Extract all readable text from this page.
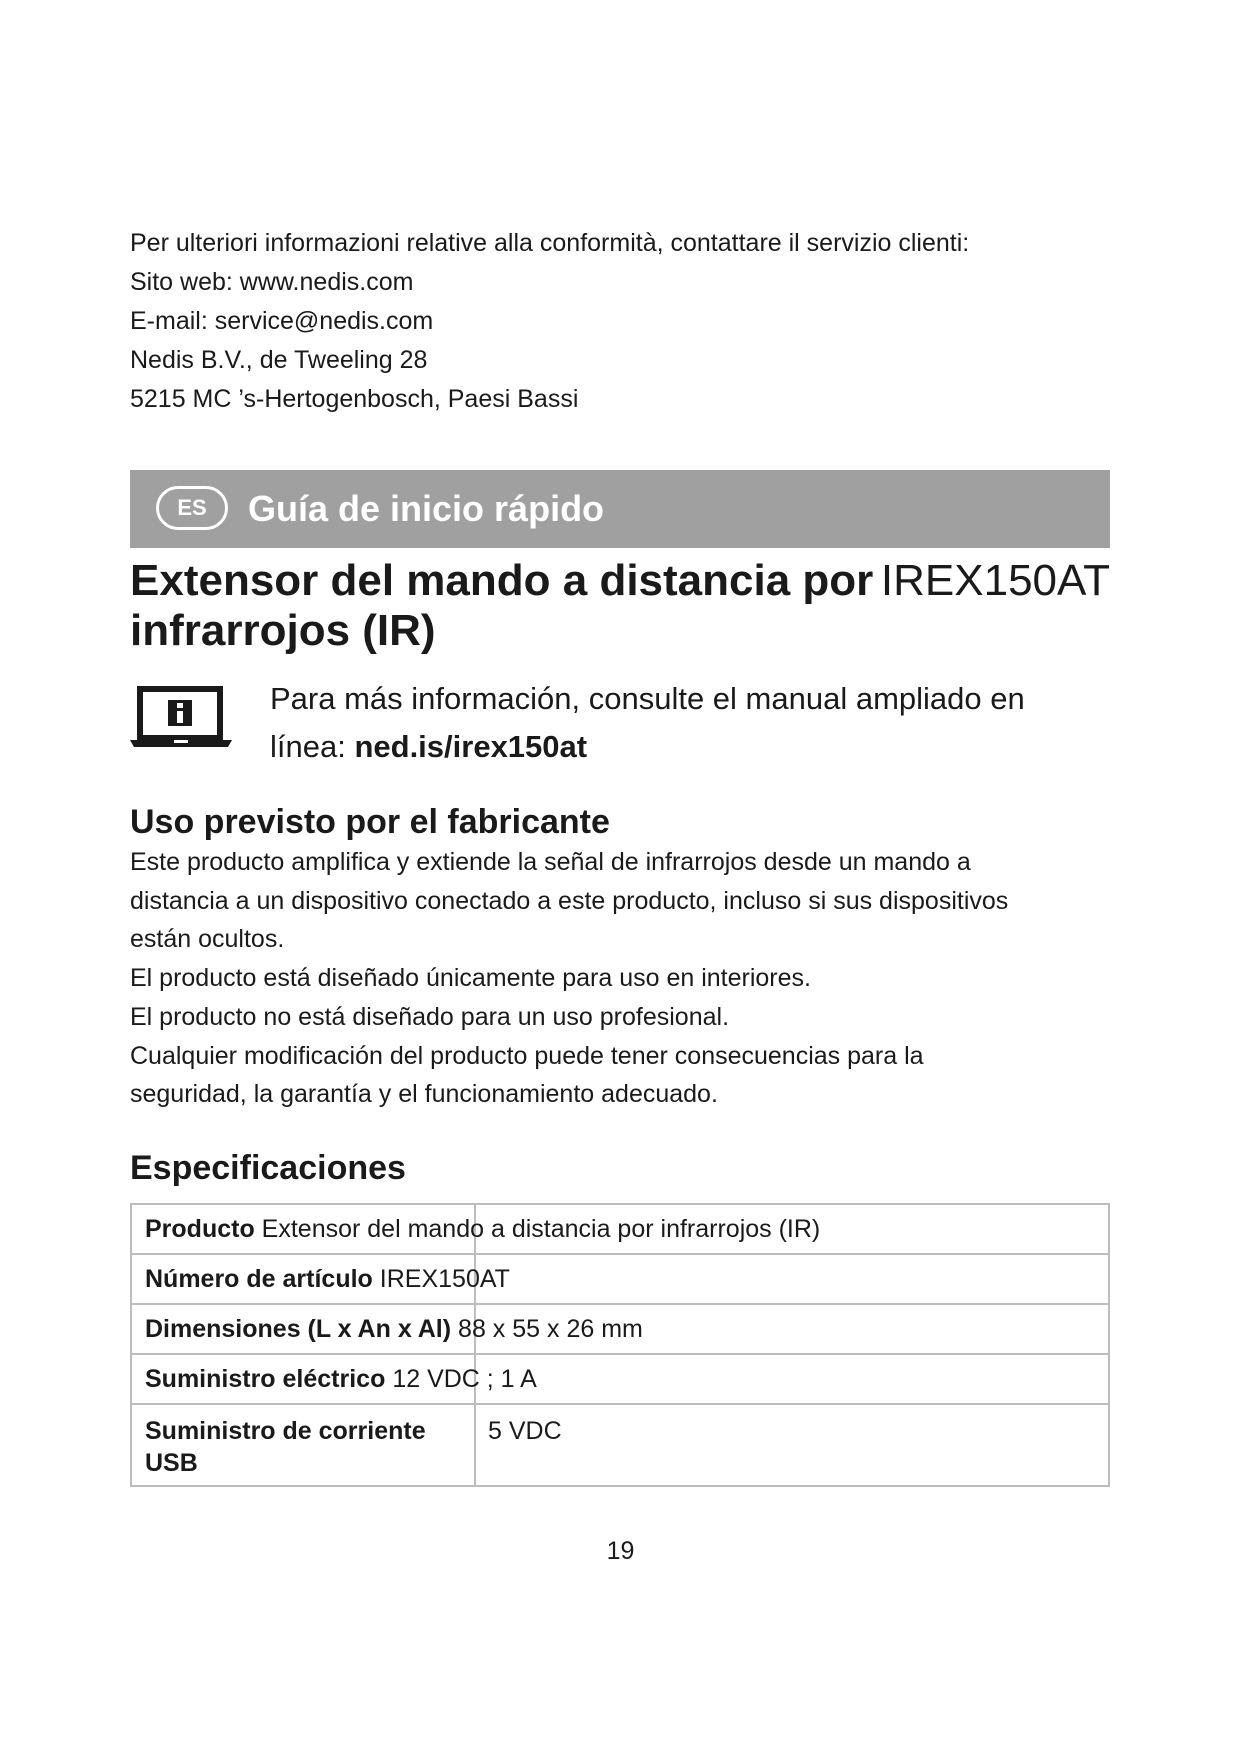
Per ulteriori informazioni relative alla conformità, contattare il servizio clienti:
Sito web: www.nedis.com
E-mail: service@nedis.com
Nedis B.V., de Tweeling 28
5215 MC ’s-Hertogenbosch, Paesi Bassi
ES	Guía de inicio rápido
Extensor del mando a distancia por
infrarrojos (IR)
IREX150AT
Para más información, consulte el manual ampliado en línea: ned.is/irex150at
Uso previsto por el fabricante
Este producto amplifica y extiende la señal de infrarrojos desde un mando a
distancia a un dispositivo conectado a este producto, incluso si sus dispositivos
están ocultos.
El producto está diseñado únicamente para uso en interiores.
El producto no está diseñado para un uso profesional.
Cualquier modificación del producto puede tener consecuencias para la
seguridad, la garantía y el funcionamiento adecuado.
Especificaciones
Producto Extensor del mando a distancia por infrarrojos (IR)
Número de artículo IREX150AT
Dimensiones (L x An x Al) 88 x 55 x 26 mm
Suministro eléctrico 12 VDC ; 1 A
Suministro de corriente USB
5 VDC
19
